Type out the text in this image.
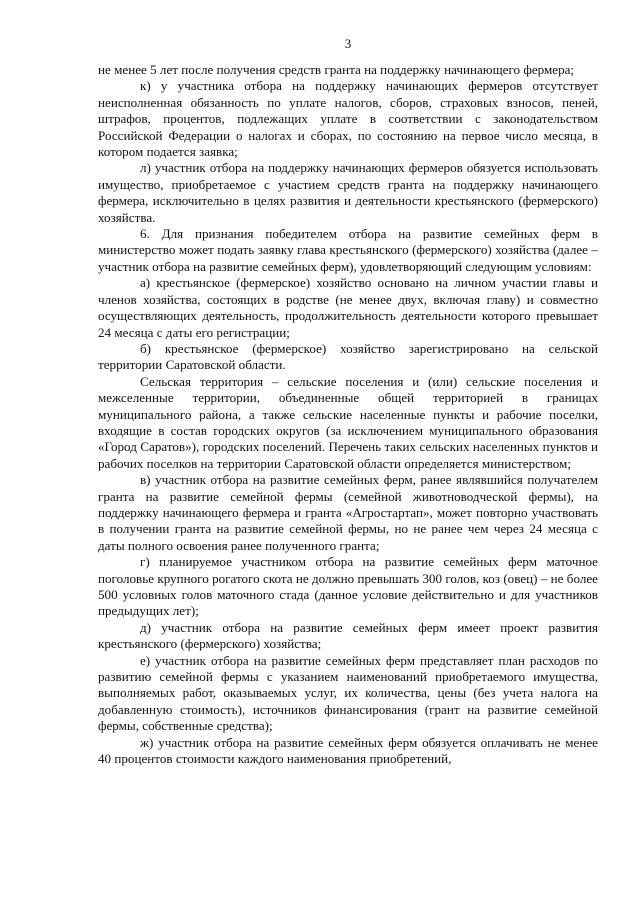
3

не менее 5 лет после получения средств гранта на поддержку начинающего фермера;

к) у участника отбора на поддержку начинающих фермеров отсутствует неисполненная обязанность по уплате налогов, сборов, страховых взносов, пеней, штрафов, процентов, подлежащих уплате в соответствии с законодательством Российской Федерации о налогах и сборах, по состоянию на первое число месяца, в котором подается заявка;

л) участник отбора на поддержку начинающих фермеров обязуется использовать имущество, приобретаемое с участием средств гранта на поддержку начинающего фермера, исключительно в целях развития и деятельности крестьянского (фермерского) хозяйства.

6. Для признания победителем отбора на развитие семейных ферм в министерство может подать заявку глава крестьянского (фермерского) хозяйства (далее – участник отбора на развитие семейных ферм), удовлетворяющий следующим условиям:

а) крестьянское (фермерское) хозяйство основано на личном участии главы и членов хозяйства, состоящих в родстве (не менее двух, включая главу) и совместно осуществляющих деятельность, продолжительность деятельности которого превышает 24 месяца с даты его регистрации;

б) крестьянское (фермерское) хозяйство зарегистрировано на сельской территории Саратовской области.

Сельская территория – сельские поселения и (или) сельские поселения и межселенные территории, объединенные общей территорией в границах муниципального района, а также сельские населенные пункты и рабочие поселки, входящие в состав городских округов (за исключением муниципального образования «Город Саратов»), городских поселений. Перечень таких сельских населенных пунктов и рабочих поселков на территории Саратовской области определяется министерством;

в) участник отбора на развитие семейных ферм, ранее являвшийся получателем гранта на развитие семейной фермы (семейной животноводческой фермы), на поддержку начинающего фермера и гранта «Агростартап», может повторно участвовать в получении гранта на развитие семейной фермы, но не ранее чем через 24 месяца с даты полного освоения ранее полученного гранта;

г) планируемое участником отбора на развитие семейных ферм маточное поголовье крупного рогатого скота не должно превышать 300 голов, коз (овец) – не более 500 условных голов маточного стада (данное условие действительно и для участников предыдущих лет);

д) участник отбора на развитие семейных ферм имеет проект развития крестьянского (фермерского) хозяйства;

е) участник отбора на развитие семейных ферм представляет план расходов по развитию семейной фермы с указанием наименований приобретаемого имущества, выполняемых работ, оказываемых услуг, их количества, цены (без учета налога на добавленную стоимость), источников финансирования (грант на развитие семейной фермы, собственные средства);

ж) участник отбора на развитие семейных ферм обязуется оплачивать не менее 40 процентов стоимости каждого наименования приобретений,
